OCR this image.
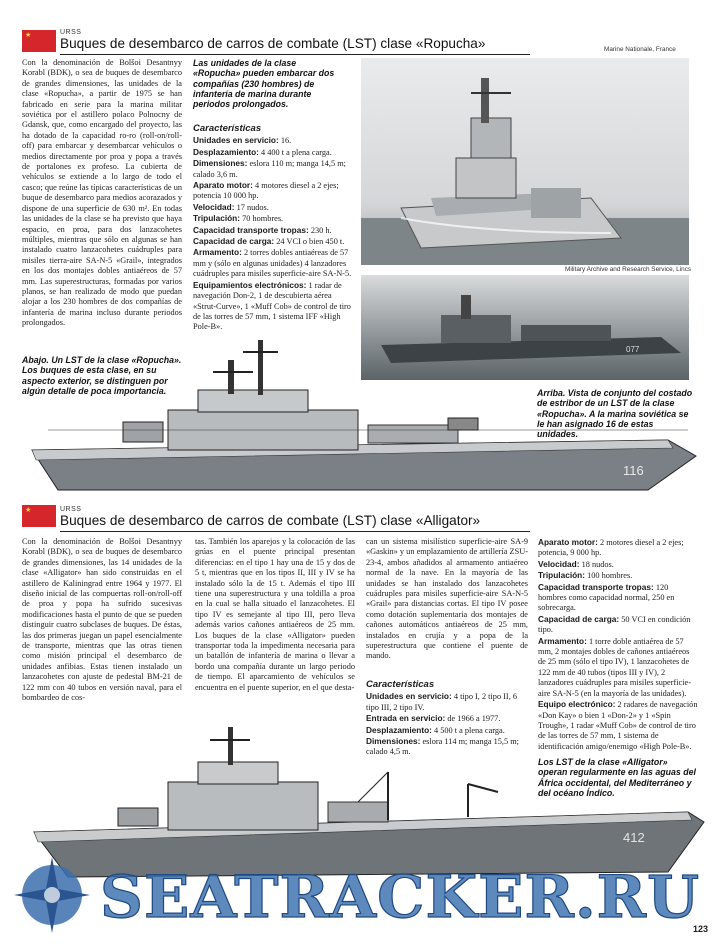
★
URSS
Buques de desembarco de carros de combate (LST) clase «Ropucha»	Marine Nationale, France
Con la denominación de Bolšoi Desantnyy Korabl (BDK), o sea de buques de desembarco de grandes dimensiones, las unidades de la clase «Ropucha», a partir de 1975 se han fabricado en serie para la marina militar soviética por el astillero polaco Polnocny de Gdansk, que, como encargado del proyecto, las ha dotado de la capacidad ro-ro (roll-on/roll-off) para embarcar y desembarcar vehículos o medios directamente por proa y popa a través de portalones ex profeso. La cubierta de vehículos se extiende a lo largo de todo el casco; que reúne las típicas características de un buque de desembarco para medios acorazados y dispone de una superficie de 630 m². En todas las unidades de la clase se ha previsto que haya espacio, en proa, para dos lanzacohetes múltiples, mientras que sólo en algunas se han instalado cuatro lanzacohetes cuádruples para misiles tierra-aire SA-N-5 «Grail», integrados en los dos montajes dobles antiaéreos de 57 mm. Las superestructuras, formadas por varios planos, se han realizado de modo que puedan alojar a los 230 hombres de dos compañías de infantería de marina incluso durante periodos prolongados.
Las unidades de la clase «Ropucha» pueden embarcar dos compañías (230 hombres) de infantería de marina durante periodos prolongados.
Características

Unidades en servicio: 16.

Desplazamiento: 4 400 t a plena carga.

Dimensiones: eslora 110 m; manga 14,5 m; calado 3,6 m.

Aparato motor: 4 motores diesel a 2 ejes; potencia 10 000 hp.

Velocidad: 17 nudos.

Tripulación: 70 hombres.

Capacidad transporte tropas: 230 h.

Capacidad de carga: 24 VCI o bien 450 t.

Armamento: 2 torres dobles antiaéreas de 57 mm y (sólo en algunas unidades) 4 lanzadores cuádruples para misiles superficie-aire SA-N-5.

Equipamientos electrónicos: 1 radar de navegación Don-2, 1 de descubierta aérea «Strut-Curve», 1 «Muff Cob» de control de tiro de las torres de 57 mm, 1 sistema IFF «High Pole-B».

Military Archive and Research Service, Lincs
077
Abajo. Un LST de la clase «Ropucha». Los buques de esta clase, en su aspecto exterior, se distinguen por algún detalle de poca importancia.	Arriba. Vista de conjunto del costado de estribor de un LST de la clase «Ropucha». A la marina soviética se le han asignado 16 de estas unidades.
116
★
URSS
Buques de desembarco de carros de combate (LST) clase «Alligator»
Con la denominación de Bolšoi Desantnyy Korabl (BDK), o sea de buques de desembarco de grandes dimensiones, las 14 unidades de la clase «Alligator» han sido construidas en el astillero de Kaliningrad entre 1964 y 1977. El diseño inicial de las compuertas roll-on/roll-off de proa y popa ha sufrido sucesivas modificaciones hasta el punto de que se pueden distinguir cuatro subclases de buques. De éstas, las dos primeras juegan un papel esencialmente de transporte, mientras que las otras tienen como misión principal el desembarco de unidades anfibias. Estas tienen instalado un lanzacohetes con ajuste de pedestal BM-21 de 122 mm con 40 tubos en versión naval, para el bombardeo de cos-
tas. También los aparejos y la colocación de las grúas en el puente principal presentan diferencias: en el tipo 1 hay una de 15 y dos de 5 t, mientras que en los tipos II, III y IV se ha instalado sólo la de 15 t. Además el tipo III tiene una superestructura y una toldilla a proa en la cual se halla situado el lanzacohetes. El tipo IV es semejante al tipo III, pero lleva además varios cañones antiaéreos de 25 mm. Los buques de la clase «Alligator» pueden transportar toda la impedimenta necesaria para un batallón de infantería de marina o llevar a bordo una compañía durante un largo periodo de tiempo. El aparcamiento de vehículos se encuentra en el puente superior, en el que desta-
can un sistema misilístico superficie-aire SA-9 «Gaskin» y un emplazamiento de artillería ZSU-23-4, ambos añadidos al armamento antiaéreo normal de la nave. En la mayoría de las unidades se han instalado dos lanzacohetes cuádruples para misiles superficie-aire SA-N-5 «Grail» para distancias cortas. El tipo IV posee como dotación suplementaria dos montajes de cañones automáticos antiaéreos de 25 mm, instalados en crujía y a popa de la superestructura que contiene el puente de mando.
Características

Unidades en servicio: 4 tipo I, 2 tipo II, 6 tipo III, 2 tipo IV.

Entrada en servicio: de 1966 a 1977.

Desplazamiento: 4 500 t a plena carga.

Dimensiones: eslora 114 m; manga 15,5 m; calado 4,5 m.

Aparato motor: 2 motores diesel a 2 ejes; potencia, 9 000 hp.

Velocidad: 18 nudos.

Tripulación: 100 hombres.

Capacidad transporte tropas: 120 hombres como capacidad normal, 250 en sobrecarga.

Capacidad de carga: 50 VCI en condición tipo.

Armamento: 1 torre doble antiaérea de 57 mm, 2 montajes dobles de cañones antiaéreos de 25 mm (sólo el tipo IV), 1 lanzacohetes de 122 mm de 40 tubos (tipos III y IV), 2 lanzadores cuádruples para misiles superficie-aire SA-N-5 (en la mayoría de las unidades).

Equipo electrónico: 2 radares de navegación «Don Kay» o bien 1 «Don-2» y 1 «Spin Trough», 1 radar «Muff Cob» de control de tiro de las torres de 57 mm, 1 sistema de identificación amigo/enemigo «High Pole-B».

Los LST de la clase «Alligator» operan regularmente en las aguas del África occidental, del Mediterráneo y del océano Índico.
412
SEATRACKER.RU
123
